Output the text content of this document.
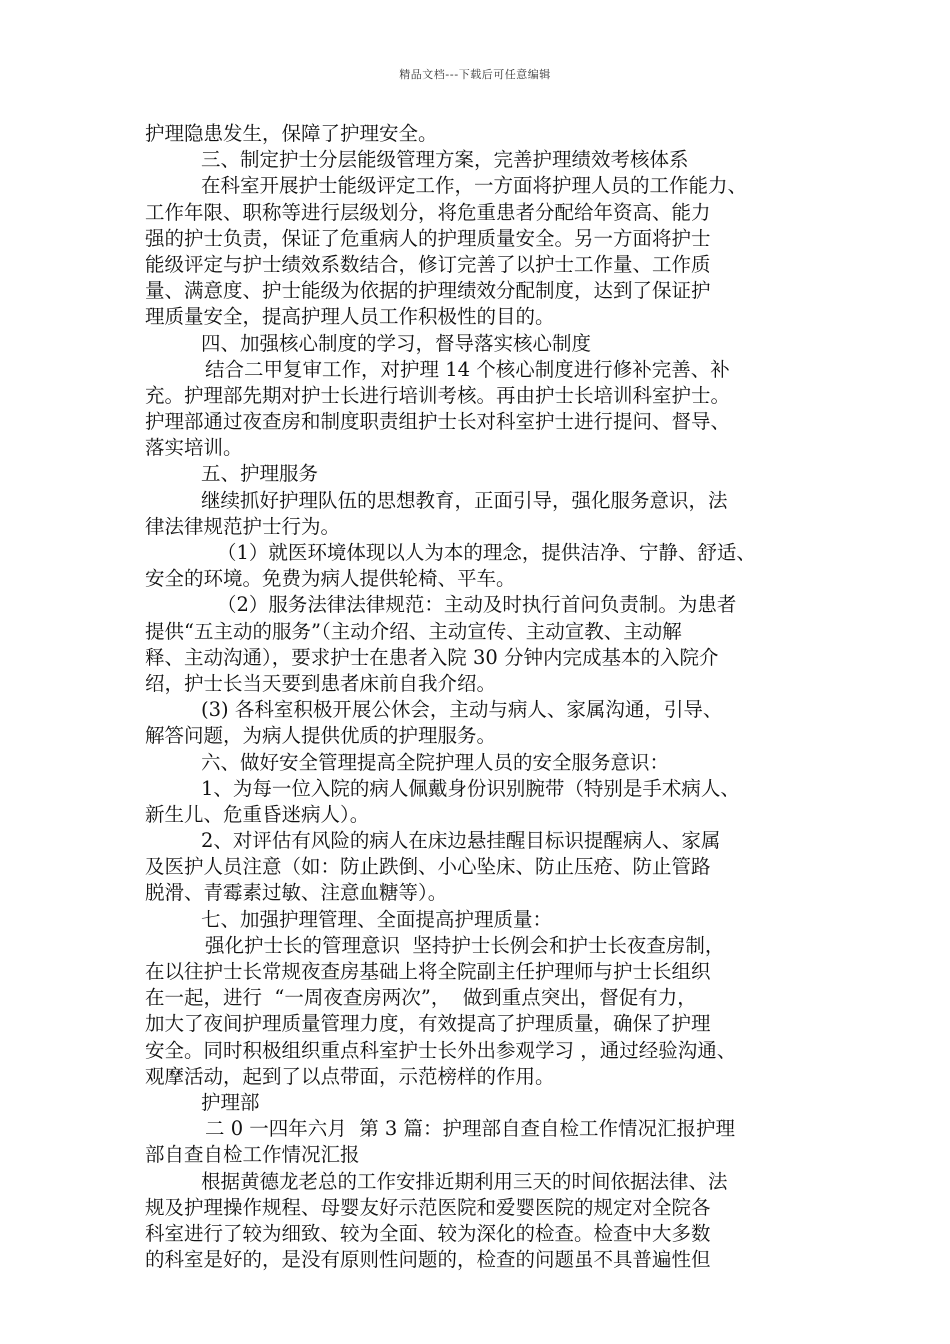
精品文档---下载后可任意编辑
护理隐患发生，保障了护理安全。
三、制定护士分层能级管理方案，完善护理绩效考核体系
在科室开展护士能级评定工作，一方面将护理人员的工作能力、
工作年限、职称等进行层级划分，将危重患者分配给年资高、能力
强的护士负责，保证了危重病人的护理质量安全。另一方面将护士
能级评定与护士绩效系数结合，修订完善了以护士工作量、工作质
量、满意度、护士能级为依据的护理绩效分配制度，达到了保证护
理质量安全，提高护理人员工作积极性的目的。
四、加强核心制度的学习，督导落实核心制度
结合二甲复审工作，对护理 14 个核心制度进行修补完善、补
充。护理部先期对护士长进行培训考核。再由护士长培训科室护士。
护理部通过夜查房和制度职责组护士长对科室护士进行提问、督导、
落实培训。
五、护理服务
继续抓好护理队伍的思想教育，正面引导，强化服务意识，法
律法律规范护士行为。
（1）就医环境体现以人为本的理念，提供洁净、宁静、舒适、
安全的环境。免费为病人提供轮椅、平车。
（2）服务法律法律规范：主动及时执行首问负责制。为患者
提供“五主动的服务”（主动介绍、主动宣传、主动宣教、主动解
释、主动沟通），要求护士在患者入院 30 分钟内完成基本的入院介
绍，护士长当天要到患者床前自我介绍。
(3) 各科室积极开展公休会，主动与病人、家属沟通，引导、
解答问题，为病人提供优质的护理服务。
六、做好安全管理提高全院护理人员的安全服务意识：
1、为每一位入院的病人佩戴身份识别腕带（特别是手术病人、
新生儿、危重昏迷病人）。
2、对评估有风险的病人在床边悬挂醒目标识提醒病人、家属
及医护人员注意（如：防止跌倒、小心坠床、防止压疮、防止管路
脱滑、青霉素过敏、注意血糖等）。
七、加强护理管理、全面提高护理质量：
强化护士长的管理意识  坚持护士长例会和护士长夜查房制，
在以往护士长常规夜查房基础上将全院副主任护理师与护士长组织
在一起，进行  “一周夜查房两次”，  做到重点突出，督促有力，
加大了夜间护理质量管理力度，有效提高了护理质量，确保了护理
安全。同时积极组织重点科室护士长外出参观学习 ，通过经验沟通、
观摩活动，起到了以点带面，示范榜样的作用。
护理部
二 0 一四年六月  第 3 篇：护理部自查自检工作情况汇报护理
部自查自检工作情况汇报
根据黄德龙老总的工作安排近期利用三天的时间依据法律、法
规及护理操作规程、母婴友好示范医院和爱婴医院的规定对全院各
科室进行了较为细致、较为全面、较为深化的检查。检查中大多数
的科室是好的，是没有原则性问题的，检查的问题虽不具普遍性但
